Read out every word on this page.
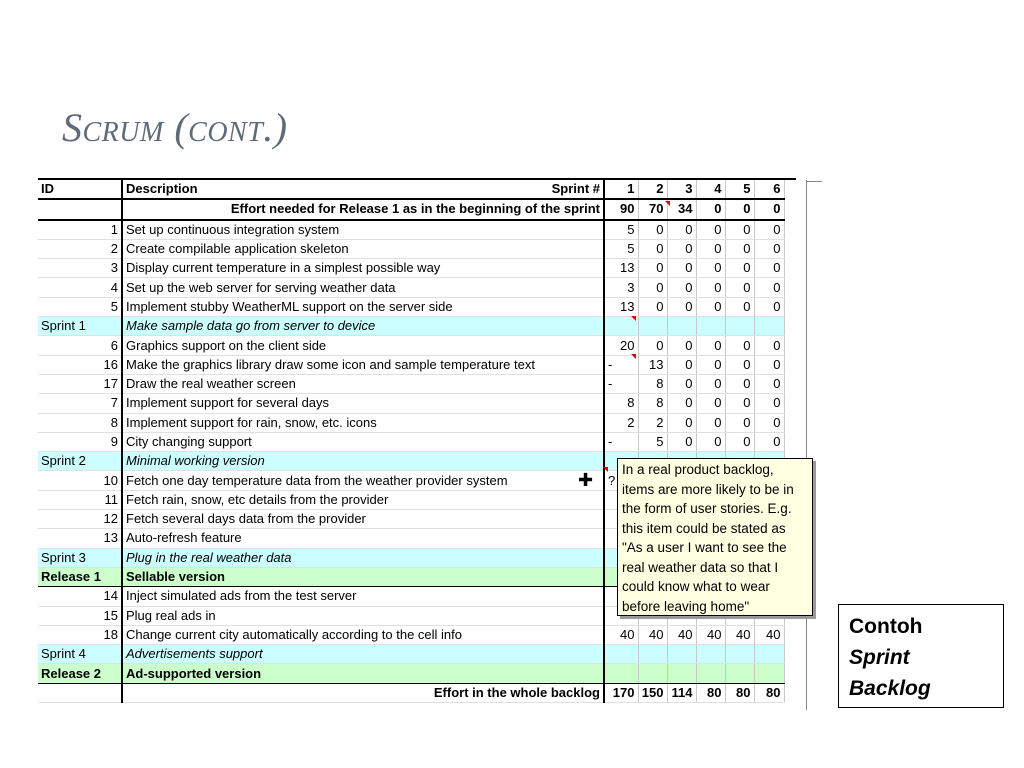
Scrum (cont.)
ID	Description Sprint #	1	2	3	4	5	6
	Effort needed for Release 1 as in the beginning of the sprint	90	70	34	0	0	0
1	Set up continuous integration system	5	0	0	0	0	0
2	Create compilable application skeleton	5	0	0	0	0	0
3	Display current temperature in a simplest possible way	13	0	0	0	0	0
4	Set up the web server for serving weather data	3	0	0	0	0	0
5	Implement stubby WeatherML support on the server side	13	0	0	0	0	0
Sprint 1	Make sample data go from server to device						
6	Graphics support on the client side	20	0	0	0	0	0
16	Make the graphics library draw some icon and sample temperature text	-	13	0	0	0	0
17	Draw the real weather screen	-	8	0	0	0	0
7	Implement support for several days	8	8	0	0	0	0
8	Implement support for rain, snow, etc. icons	2	2	0	0	0	0
9	City changing support	-	5	0	0	0	0
Sprint 2	Minimal working version						
10	Fetch one day temperature data from the weather provider system	?					
11	Fetch rain, snow, etc details from the provider						
12	Fetch several days data from the provider						
13	Auto-refresh feature						
Sprint 3	Plug in the real weather data						
Release 1	Sellable version						
14	Inject simulated ads from the test server						
15	Plug real ads in						
18	Change current city automatically according to the cell info	40	40	40	40	40	40
Sprint 4	Advertisements support						
Release 2	Ad-supported version						
	Effort in the whole backlog	170	150	114	80	80	80
✚
In a real product backlog,
items are more likely to be in
the form of user stories. E.g.
this item could be stated as
"As a user I want to see the
real weather data so that I
could know what to wear
before leaving home"
Contoh
Sprint
Backlog
